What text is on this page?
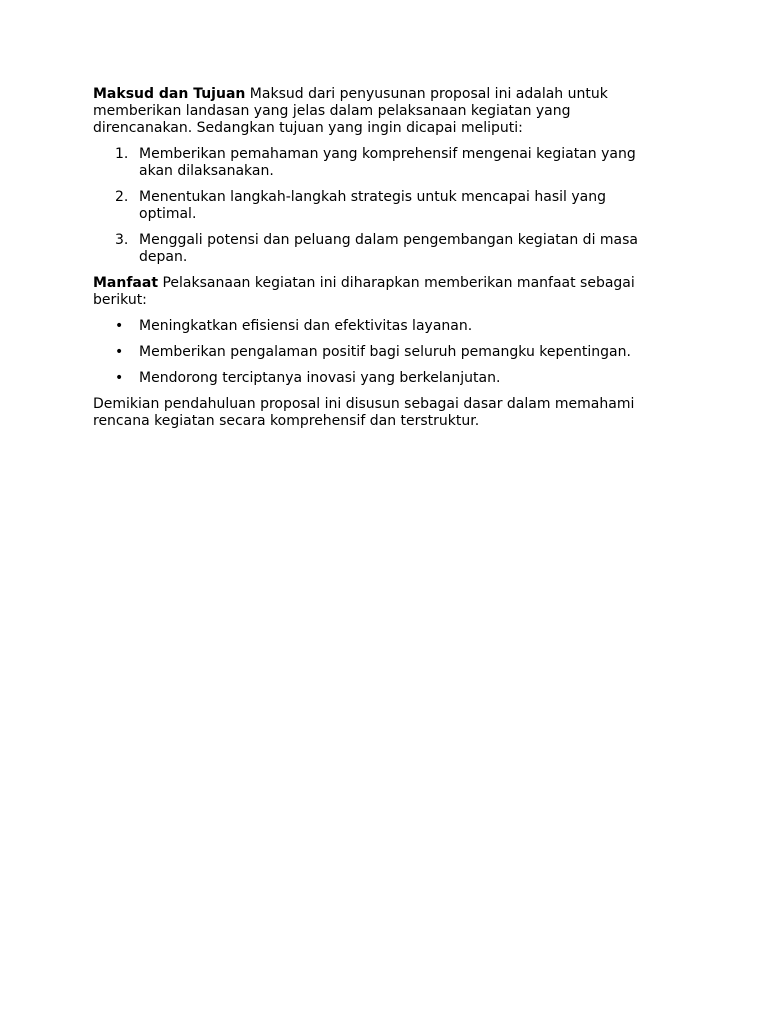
Maksud dan Tujuan Maksud dari penyusunan proposal ini adalah untuk memberikan landasan yang jelas dalam pelaksanaan kegiatan yang direncanakan. Sedangkan tujuan yang ingin dicapai meliputi:

1. Memberikan pemahaman yang komprehensif mengenai kegiatan yang akan dilaksanakan.
2. Menentukan langkah-langkah strategis untuk mencapai hasil yang optimal.
3. Menggali potensi dan peluang dalam pengembangan kegiatan di masa depan.

Manfaat Pelaksanaan kegiatan ini diharapkan memberikan manfaat sebagai berikut:

• Meningkatkan efisiensi dan efektivitas layanan.
• Memberikan pengalaman positif bagi seluruh pemangku kepentingan.
• Mendorong terciptanya inovasi yang berkelanjutan.

Demikian pendahuluan proposal ini disusun sebagai dasar dalam memahami rencana kegiatan secara komprehensif dan terstruktur.
